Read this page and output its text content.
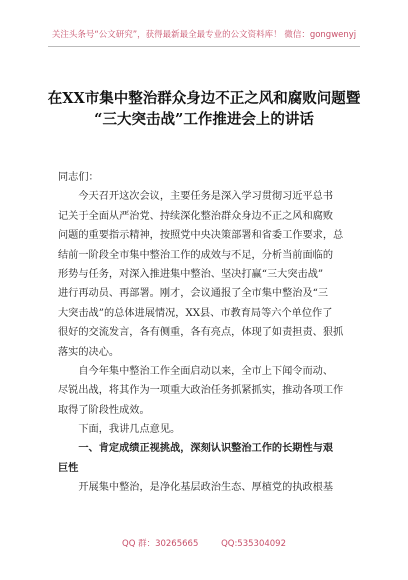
关注头条号“公文研究”，获得最新最全最专业的公文资料库！ 微信：gongwenyj
在XX市集中整治群众身边不正之风和腐败问题暨
“三大突击战”工作推进会上的讲话
同志们：
　　今天召开这次会议，主要任务是深入学习贯彻习近平总书
记关于全面从严治党、持续深化整治群众身边不正之风和腐败
问题的重要指示精神，按照党中央决策部署和省委工作要求，总
结前一阶段全市集中整治工作的成效与不足，分析当前面临的
形势与任务，对深入推进集中整治、坚决打赢“三大突击战”
进行再动员、再部署。刚才，会议通报了全市集中整治及“三
大突击战”的总体进展情况，XX县、市教育局等六个单位作了
很好的交流发言，各有侧重，各有亮点，体现了如责担责、狠抓
落实的决心。
　　自今年集中整治工作全面启动以来，全市上下闻令而动、
尽锐出战，将其作为一项重大政治任务抓紧抓实，推动各项工作
取得了阶段性成效。
　　下面，我讲几点意见。
　　一、肯定成绩正视挑战，深刻认识整治工作的长期性与艰
巨性
　　开展集中整治，是净化基层政治生态、厚植党的执政根基
QQ 群：30265665	QQ:535304092
